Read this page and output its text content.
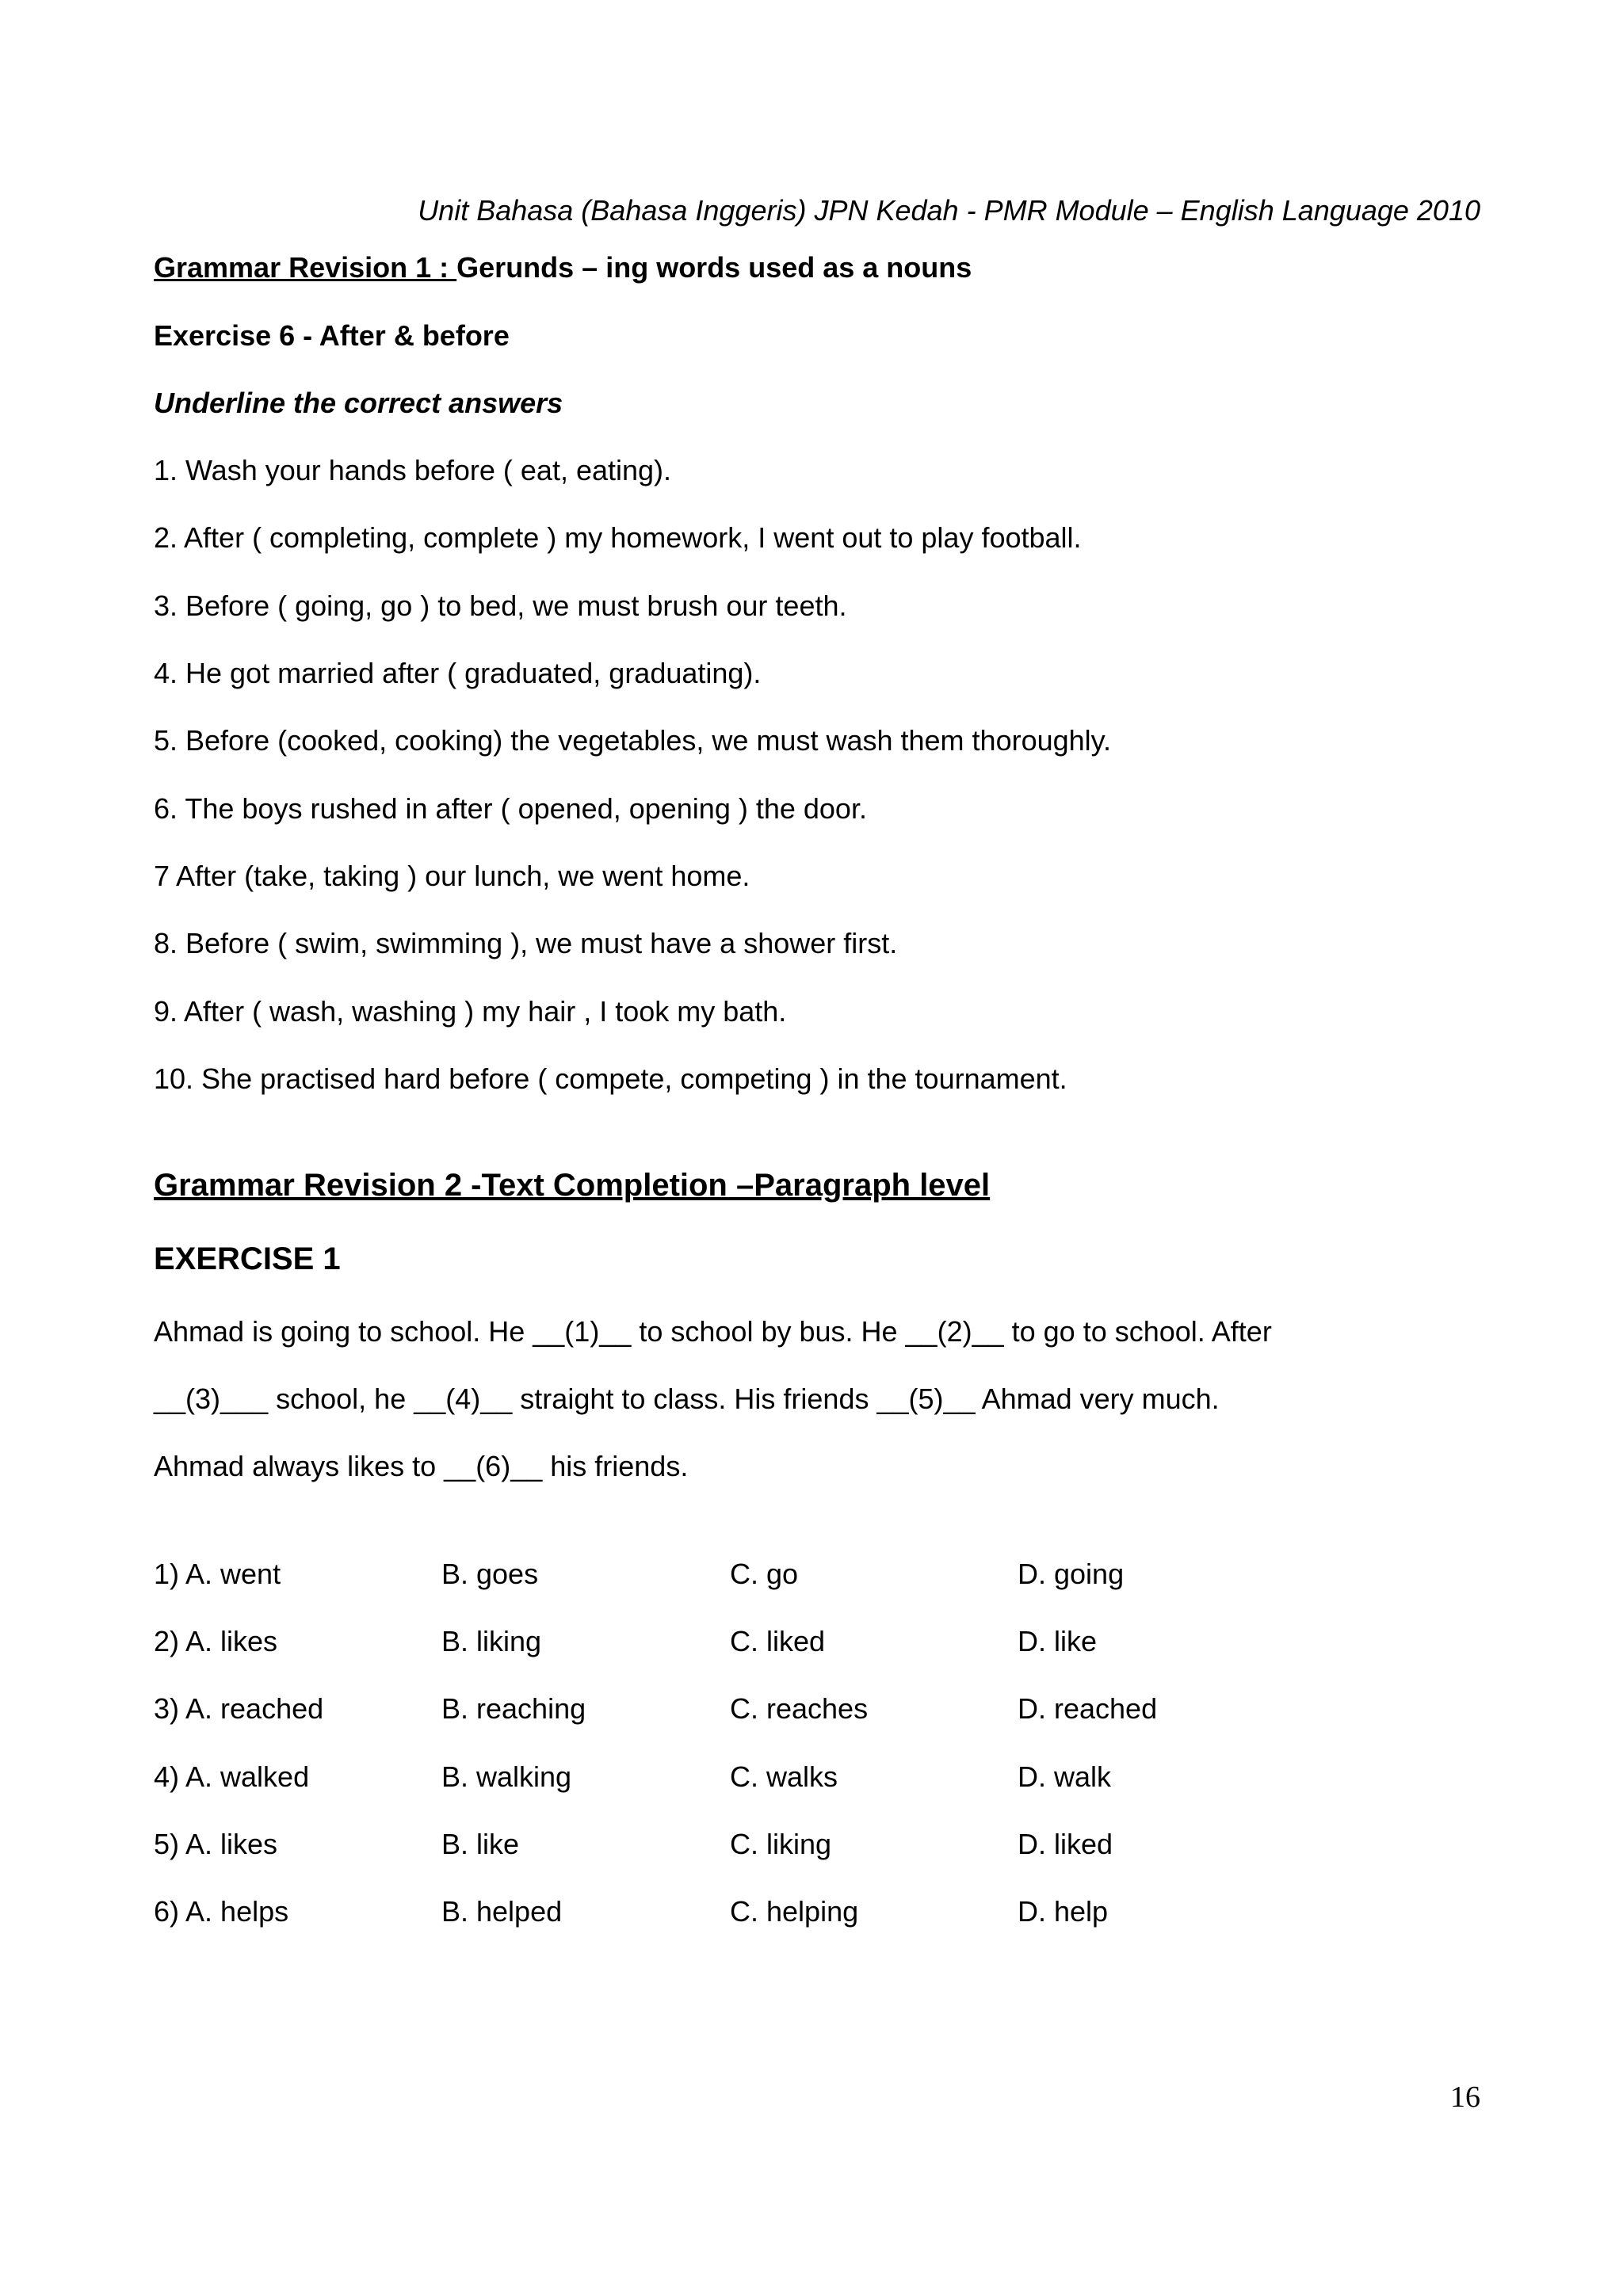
Unit Bahasa (Bahasa Inggeris) JPN Kedah - PMR Module – English Language 2010
Grammar Revision 1 : Gerunds – ing words used as a nouns
Exercise 6 - After & before
Underline the correct answers
1. Wash your hands before ( eat, eating).
2. After ( completing, complete ) my homework, I went out to play football.
3. Before ( going, go ) to bed, we must brush our teeth.
4. He got married after ( graduated, graduating).
5. Before (cooked, cooking) the vegetables, we must wash them thoroughly.
6. The boys rushed in after ( opened, opening ) the door.
7 After (take, taking ) our lunch, we went home.
8. Before ( swim, swimming ), we must have a shower first.
9. After ( wash, washing ) my hair , I took my bath.
10. She practised hard before ( compete, competing ) in the tournament.
Grammar Revision 2 -Text Completion –Paragraph level
EXERCISE 1
Ahmad is going to school. He __(1)__ to school by bus. He __(2)__ to go to school. After
__(3)___ school, he __(4)__ straight to class. His friends __(5)__ Ahmad very much.
Ahmad always likes to __(6)__ his friends.
1) A. went	B. goes	C. go	D. going
2) A. likes	B. liking	C. liked	D. like
3) A. reached	B. reaching	C. reaches	D. reached
4) A. walked	B. walking	C. walks	D. walk
5) A. likes	B. like	C. liking	D. liked
6) A. helps	B. helped	C. helping	D. help
16
